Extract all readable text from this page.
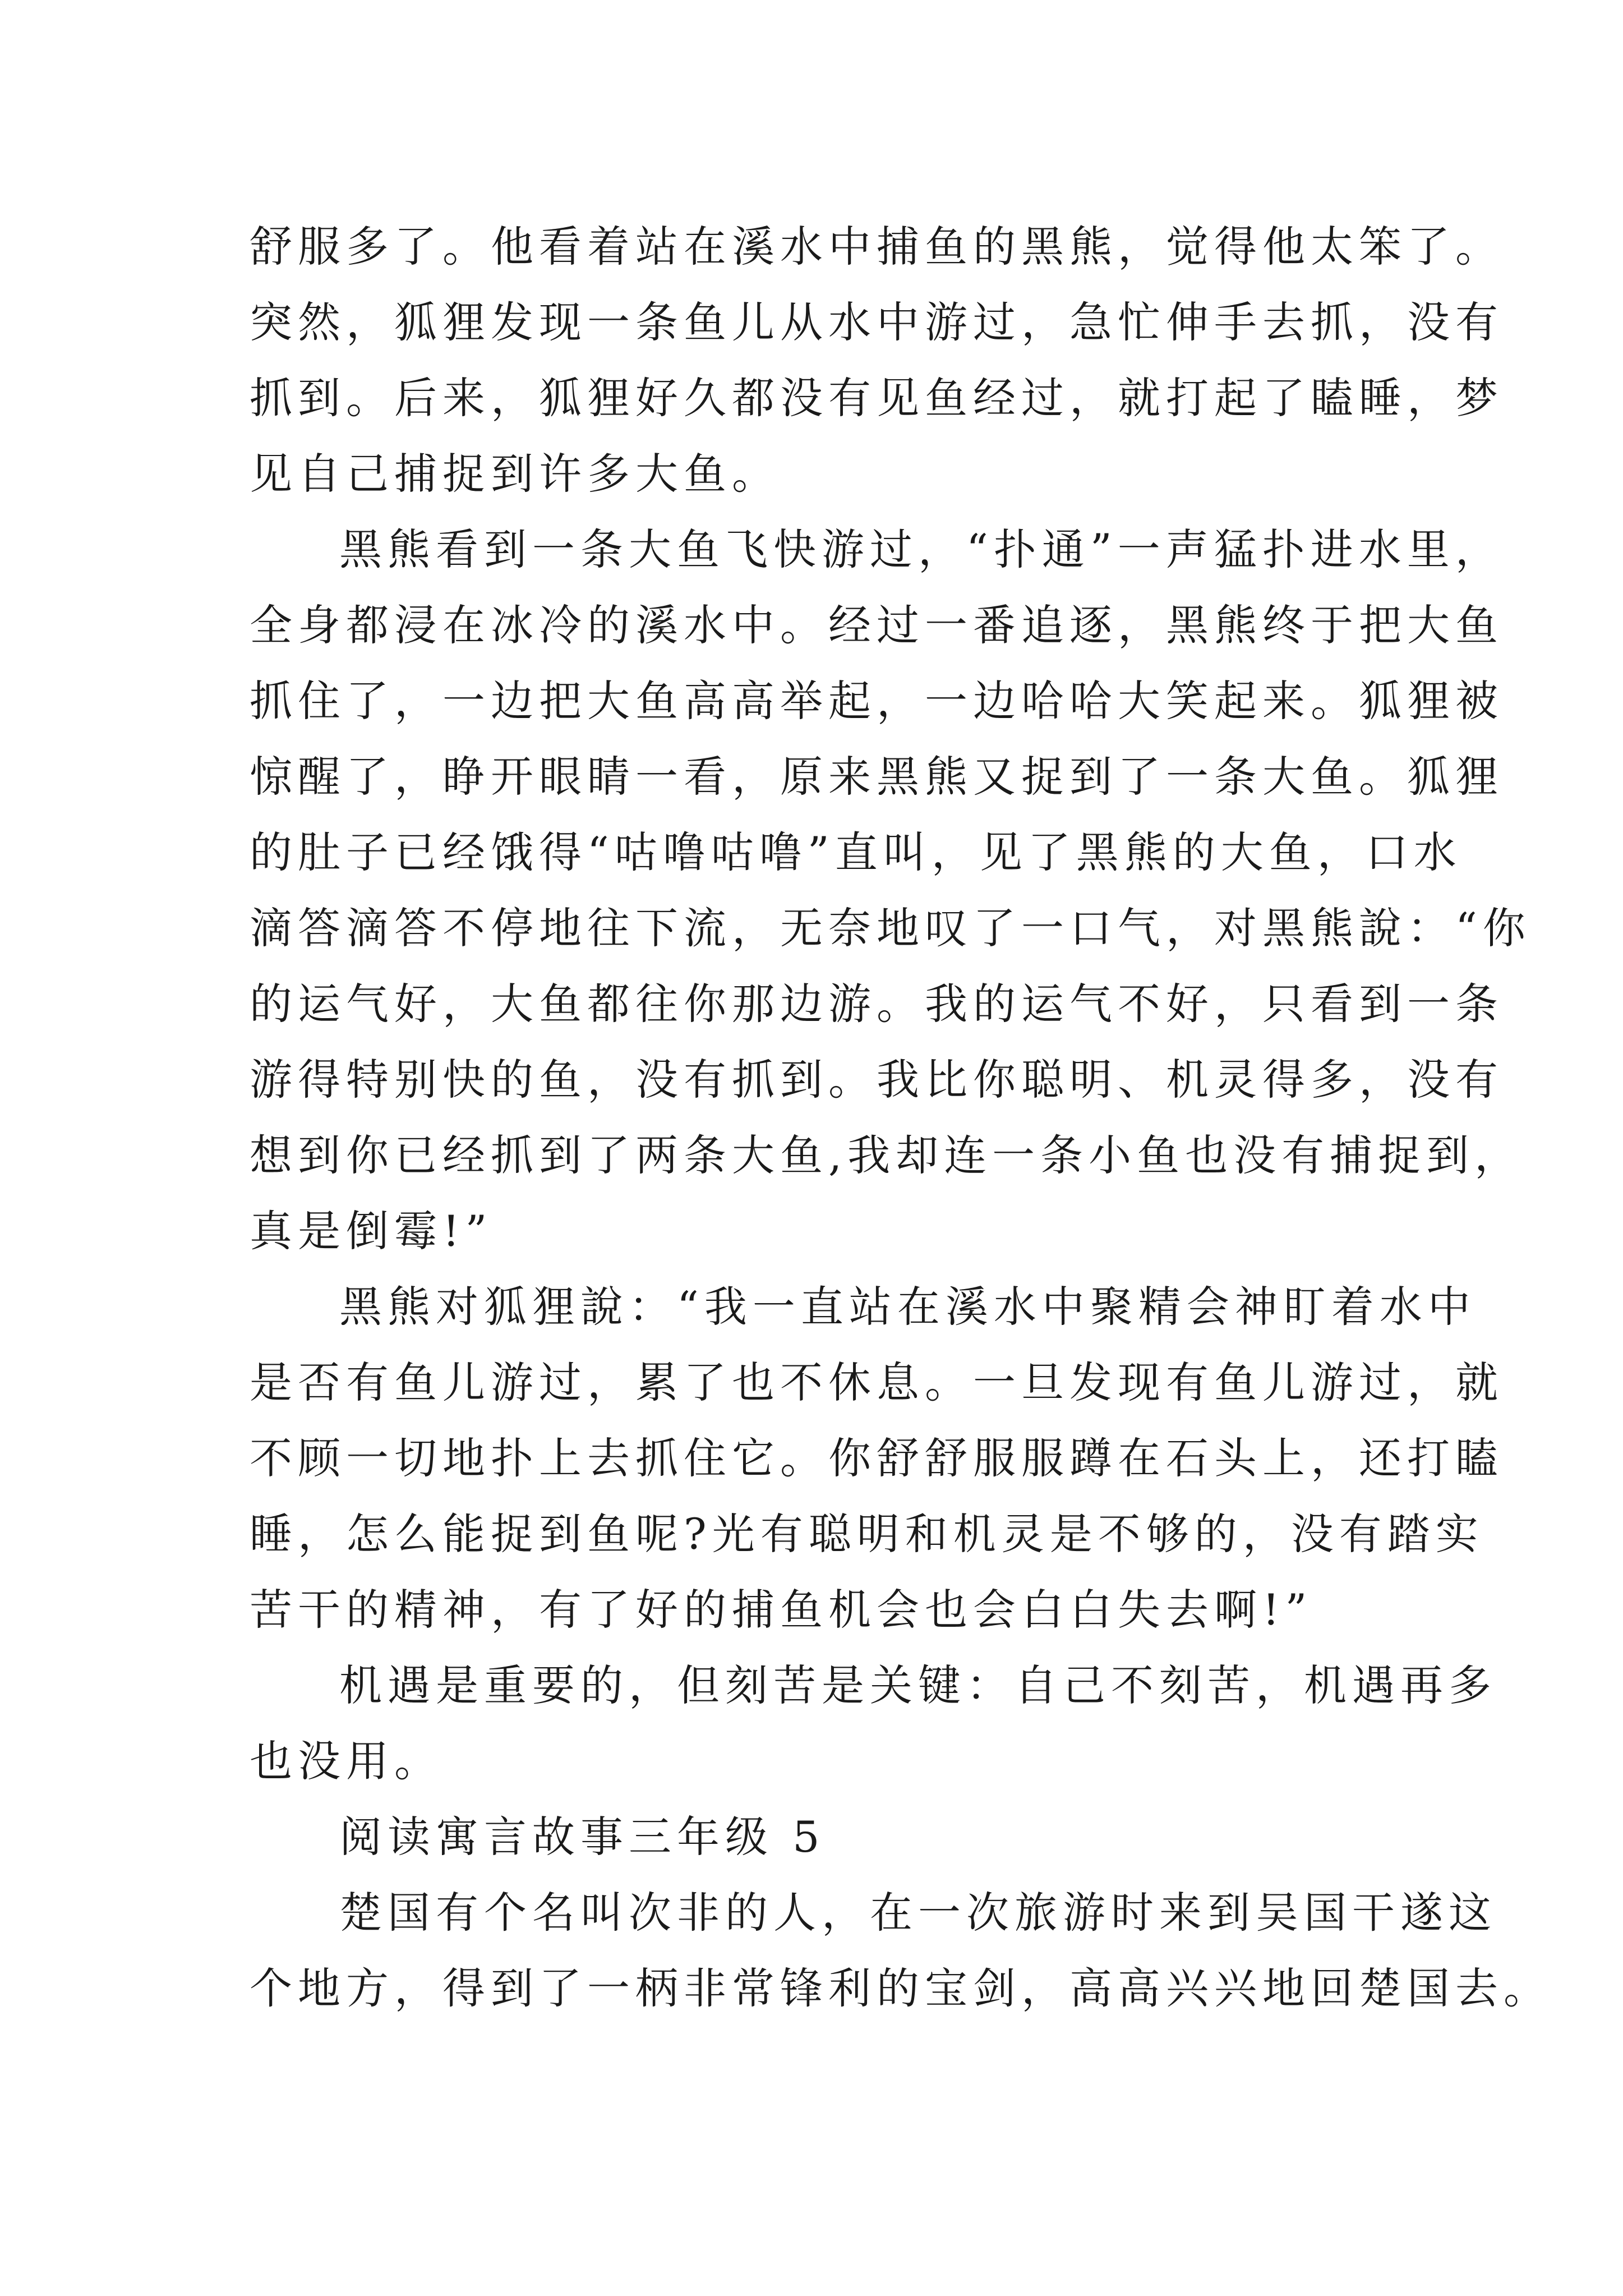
舒服多了。他看着站在溪水中捕鱼的黑熊，觉得他太笨了。

突然，狐狸发现一条鱼儿从水中游过，急忙伸手去抓，没有

抓到。后来，狐狸好久都没有见鱼经过，就打起了瞌睡，梦

见自己捕捉到许多大鱼。

黑熊看到一条大鱼飞快游过，“扑通”一声猛扑进水里，

全身都浸在冰冷的溪水中。经过一番追逐，黑熊终于把大鱼

抓住了，一边把大鱼高高举起，一边哈哈大笑起来。狐狸被

惊醒了，睁开眼睛一看，原来黑熊又捉到了一条大鱼。狐狸

的肚子已经饿得“咕噜咕噜”直叫，见了黑熊的大鱼，口水

滴答滴答不停地往下流，无奈地叹了一口气，对黑熊說：“你

的运气好，大鱼都往你那边游。我的运气不好，只看到一条

游得特别快的鱼，没有抓到。我比你聪明、机灵得多，没有

想到你已经抓到了两条大鱼,我却连一条小鱼也没有捕捉到，

真是倒霉!”

黑熊对狐狸說：“我一直站在溪水中聚精会神盯着水中

是否有鱼儿游过，累了也不休息。一旦发现有鱼儿游过，就

不顾一切地扑上去抓住它。你舒舒服服蹲在石头上，还打瞌

睡，怎么能捉到鱼呢?光有聪明和机灵是不够的，没有踏实

苦干的精神，有了好的捕鱼机会也会白白失去啊!”

机遇是重要的，但刻苦是关键：自己不刻苦，机遇再多

也没用。

阅读寓言故事三年级 5

楚国有个名叫次非的人，在一次旅游时来到吴国干遂这

个地方，得到了一柄非常锋利的宝剑，高高兴兴地回楚国去。
